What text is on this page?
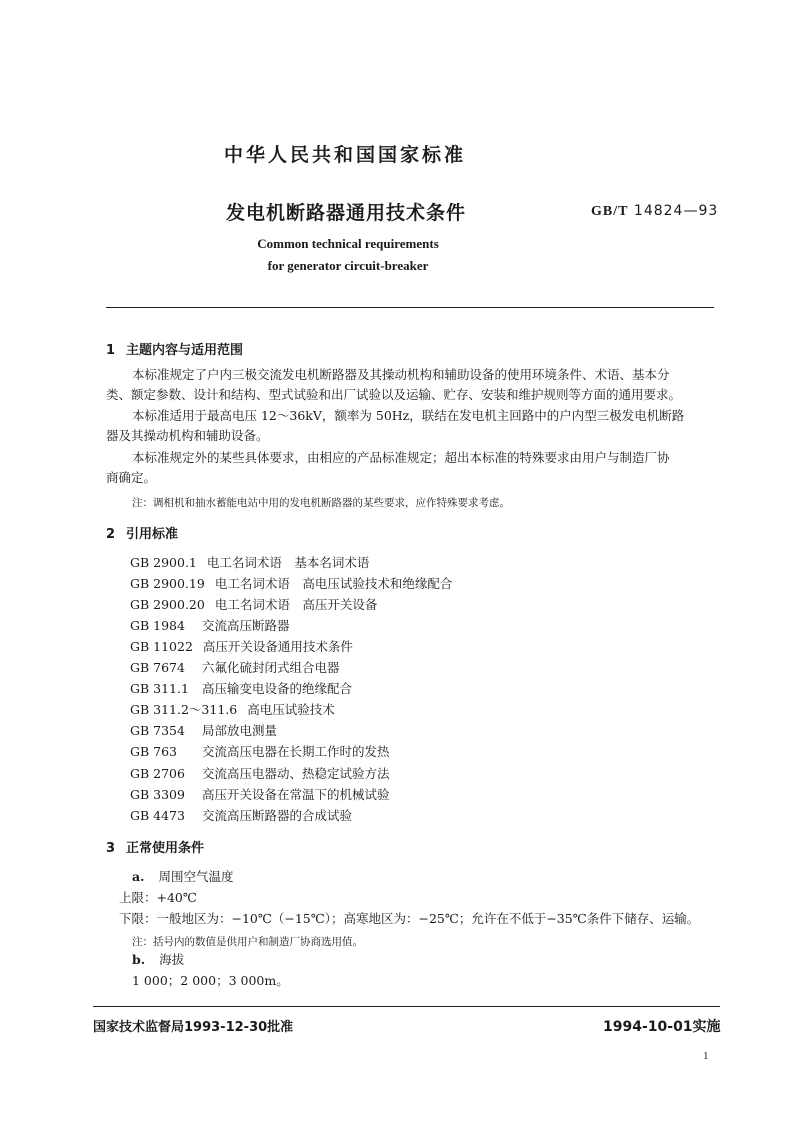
中华人民共和国国家标准
发电机断路器通用技术条件	GB/T 14824—93
Common technical requirements
for generator circuit-breaker
1 主题内容与适用范围
本标准规定了户内三极交流发电机断路器及其操动机构和辅助设备的使用环境条件、术语、基本分
类、额定参数、设计和结构、型式试验和出厂试验以及运输、贮存、安装和维护规则等方面的通用要求。
本标准适用于最高电压 12～36kV，额率为 50Hz，联结在发电机主回路中的户内型三极发电机断路
器及其操动机构和辅助设备。
本标准规定外的某些具体要求，由相应的产品标准规定；超出本标准的特殊要求由用户与制造厂协
商确定。
注：调相机和抽水蓄能电站中用的发电机断路器的某些要求，应作特殊要求考虑。
2 引用标准
GB 2900.1 电工名词术语　基本名词术语
GB 2900.19 电工名词术语　高电压试验技术和绝缘配合
GB 2900.20 电工名词术语　高压开关设备
GB 1984 交流高压断路器
GB 11022 高压开关设备通用技术条件
GB 7674 六氟化硫封闭式组合电器
GB 311.1 高压输变电设备的绝缘配合
GB 311.2～311.6 高电压试验技术
GB 7354 局部放电测量
GB 763 交流高压电器在长期工作时的发热
GB 2706 交流高压电器动、热稳定试验方法
GB 3309 高压开关设备在常温下的机械试验
GB 4473 交流高压断路器的合成试验
3 正常使用条件
a. 周围空气温度
上限：+40℃
下限：一般地区为：−10℃（−15℃）；高寒地区为：−25℃；允许在不低于−35℃条件下储存、运输。
注：括号内的数值是供用户和制造厂协商选用值。
b. 海拔
1 000；2 000；3 000m。
国家技术监督局1993-12-30批准	1994-10-01实施
1
